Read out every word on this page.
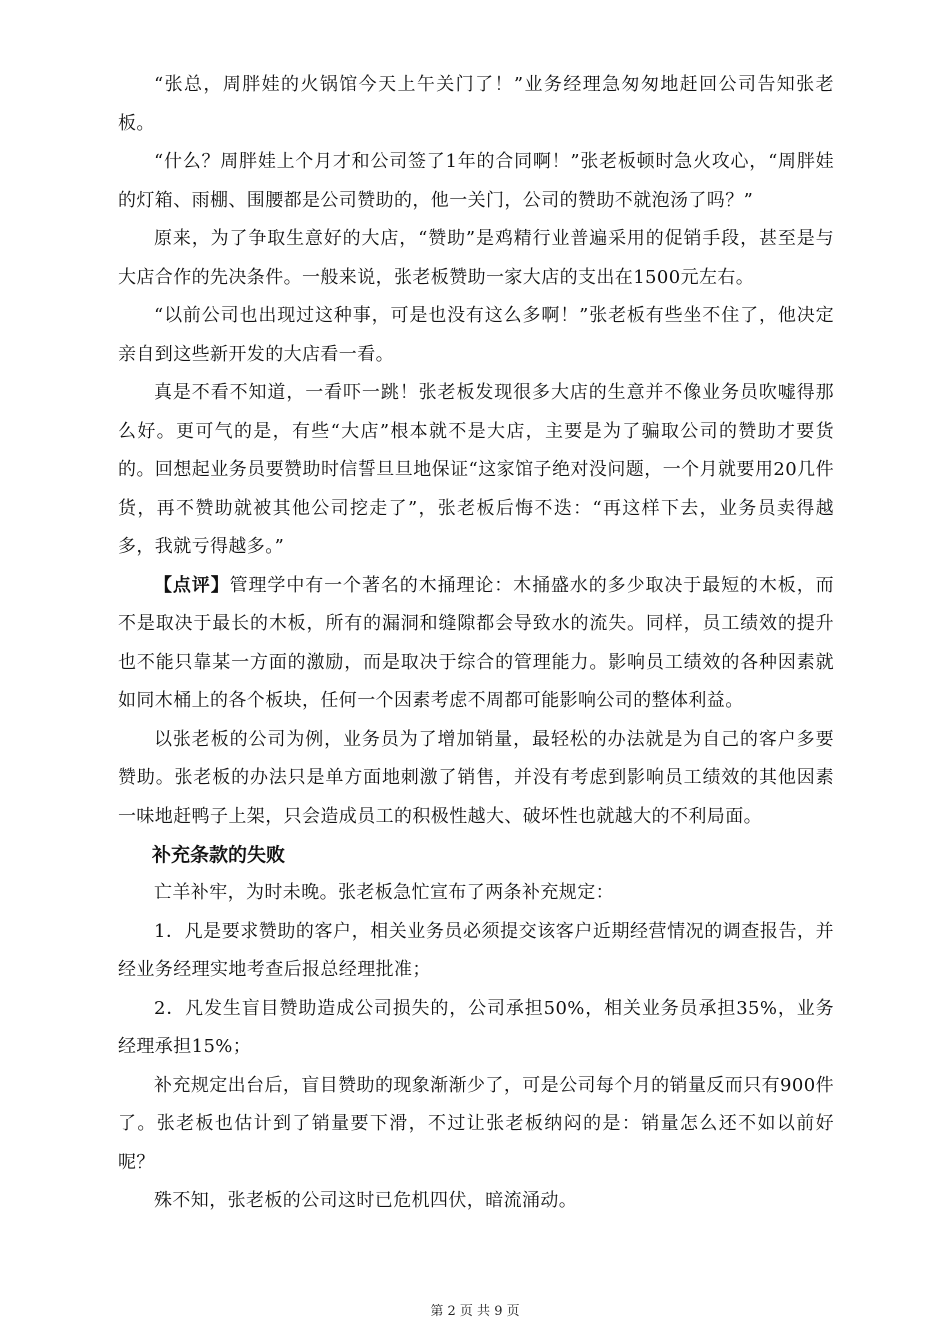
“张总，周胖娃的火锅馆今天上午关门了！”业务经理急匆匆地赶回公司告知张老板。

“什么？周胖娃上个月才和公司签了1年的合同啊！”张老板顿时急火攻心，“周胖娃的灯箱、雨棚、围腰都是公司赞助的，他一关门，公司的赞助不就泡汤了吗？”

原来，为了争取生意好的大店，“赞助”是鸡精行业普遍采用的促销手段，甚至是与大店合作的先决条件。一般来说，张老板赞助一家大店的支出在1500元左右。

“以前公司也出现过这种事，可是也没有这么多啊！”张老板有些坐不住了，他决定亲自到这些新开发的大店看一看。

真是不看不知道，一看吓一跳！张老板发现很多大店的生意并不像业务员吹嘘得那么好。更可气的是，有些“大店”根本就不是大店，主要是为了骗取公司的赞助才要货的。回想起业务员要赞助时信誓旦旦地保证“这家馆子绝对没问题，一个月就要用20几件货，再不赞助就被其他公司挖走了”，张老板后悔不迭：“再这样下去，业务员卖得越多，我就亏得越多。”

【点评】管理学中有一个著名的木捅理论：木捅盛水的多少取决于最短的木板，而不是取决于最长的木板，所有的漏洞和缝隙都会导致水的流失。同样，员工绩效的提升也不能只靠某一方面的激励，而是取决于综合的管理能力。影响员工绩效的各种因素就如同木桶上的各个板块，任何一个因素考虑不周都可能影响公司的整体利益。

以张老板的公司为例，业务员为了增加销量，最轻松的办法就是为自己的客户多要赞助。张老板的办法只是单方面地刺激了销售，并没有考虑到影响员工绩效的其他因素一味地赶鸭子上架，只会造成员工的积极性越大、破坏性也就越大的不利局面。

补充条款的失败

亡羊补牢，为时未晚。张老板急忙宣布了两条补充规定：

1．凡是要求赞助的客户，相关业务员必须提交该客户近期经营情况的调查报告，并经业务经理实地考查后报总经理批准；

2．凡发生盲目赞助造成公司损失的，公司承担50%，相关业务员承担35%，业务经理承担15%；

补充规定出台后，盲目赞助的现象渐渐少了，可是公司每个月的销量反而只有900件了。张老板也估计到了销量要下滑，不过让张老板纳闷的是：销量怎么还不如以前好呢？

殊不知，张老板的公司这时已危机四伏，暗流涌动。

第 2 页 共 9 页
